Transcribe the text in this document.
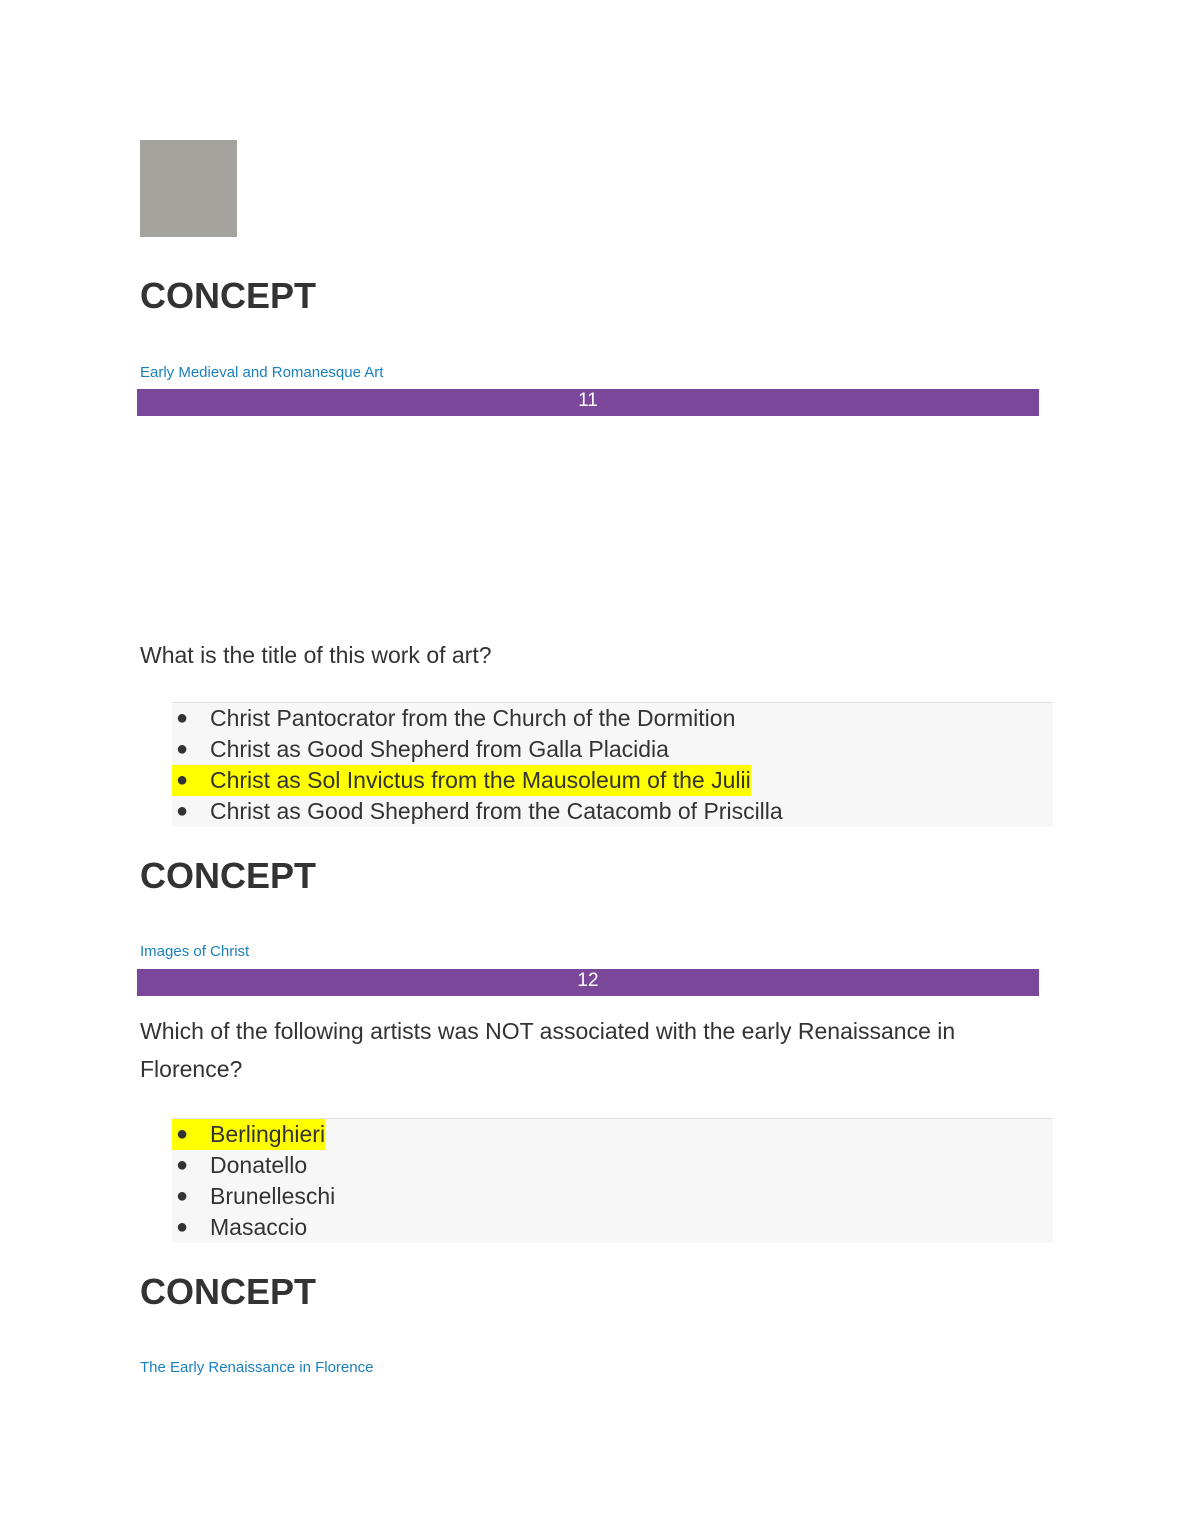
CONCEPT
Early Medieval and Romanesque Art
11

What is the title of this work of art?

● Christ Pantocrator from the Church of the Dormition
● Christ as Good Shepherd from Galla Placidia
Christ as Sol Invictus from the Mausoleum of the Julii
●
● Christ as Good Shepherd from the Catacomb of Priscilla
CONCEPT
Images of Christ
12

Which of the following artists was NOT associated with the early Renaissance in Florence?

Berlinghieri
●
● Donatello
● Brunelleschi
● Masaccio
CONCEPT
The Early Renaissance in Florence
